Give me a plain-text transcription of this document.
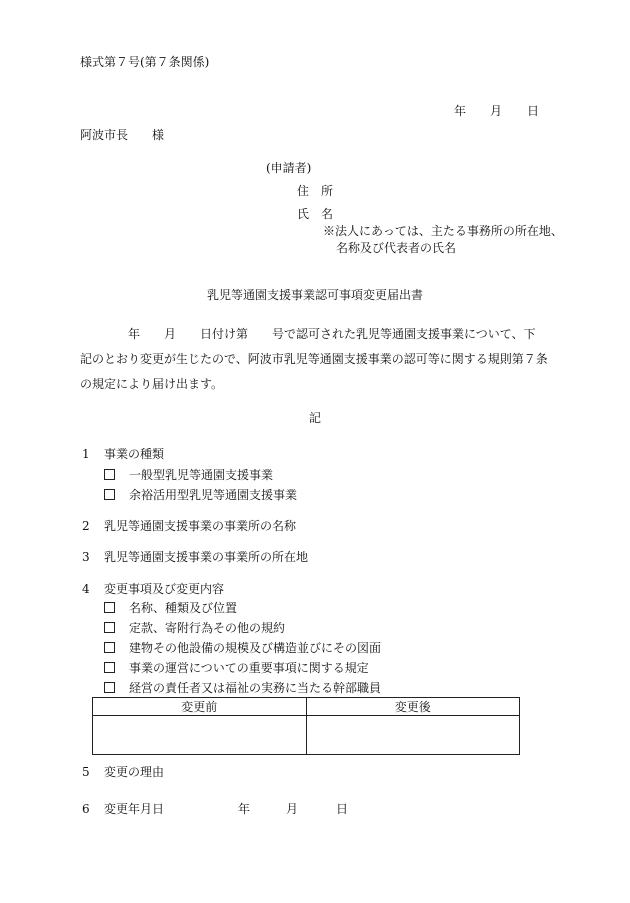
様式第７号(第７条関係)
年 月 日
阿波市長　　様
(申請者)
住　所
氏　名
※法人にあっては、主たる事務所の所在地、
名称及び代表者の氏名
乳児等通園支援事業認可事項変更届出書
　　　　年　　月　　日付け第　　号で認可された乳児等通園支援事業について、下
記のとおり変更が生じたので、阿波市乳児等通園支援事業の認可等に関する規則第７条
の規定により届け出ます。
記
1 事業の種類
一般型乳児等通園支援事業
余裕活用型乳児等通園支援事業
2 乳児等通園支援事業の事業所の名称
3 乳児等通園支援事業の事業所の所在地
4 変更事項及び変更内容
名称、種類及び位置
定款、寄附行為その他の規約
建物その他設備の規模及び構造並びにその図面
事業の運営についての重要事項に関する規定
経営の責任者又は福祉の実務に当たる幹部職員
変更前	変更後

5 変更の理由
6 変更年月日	年	月	日
